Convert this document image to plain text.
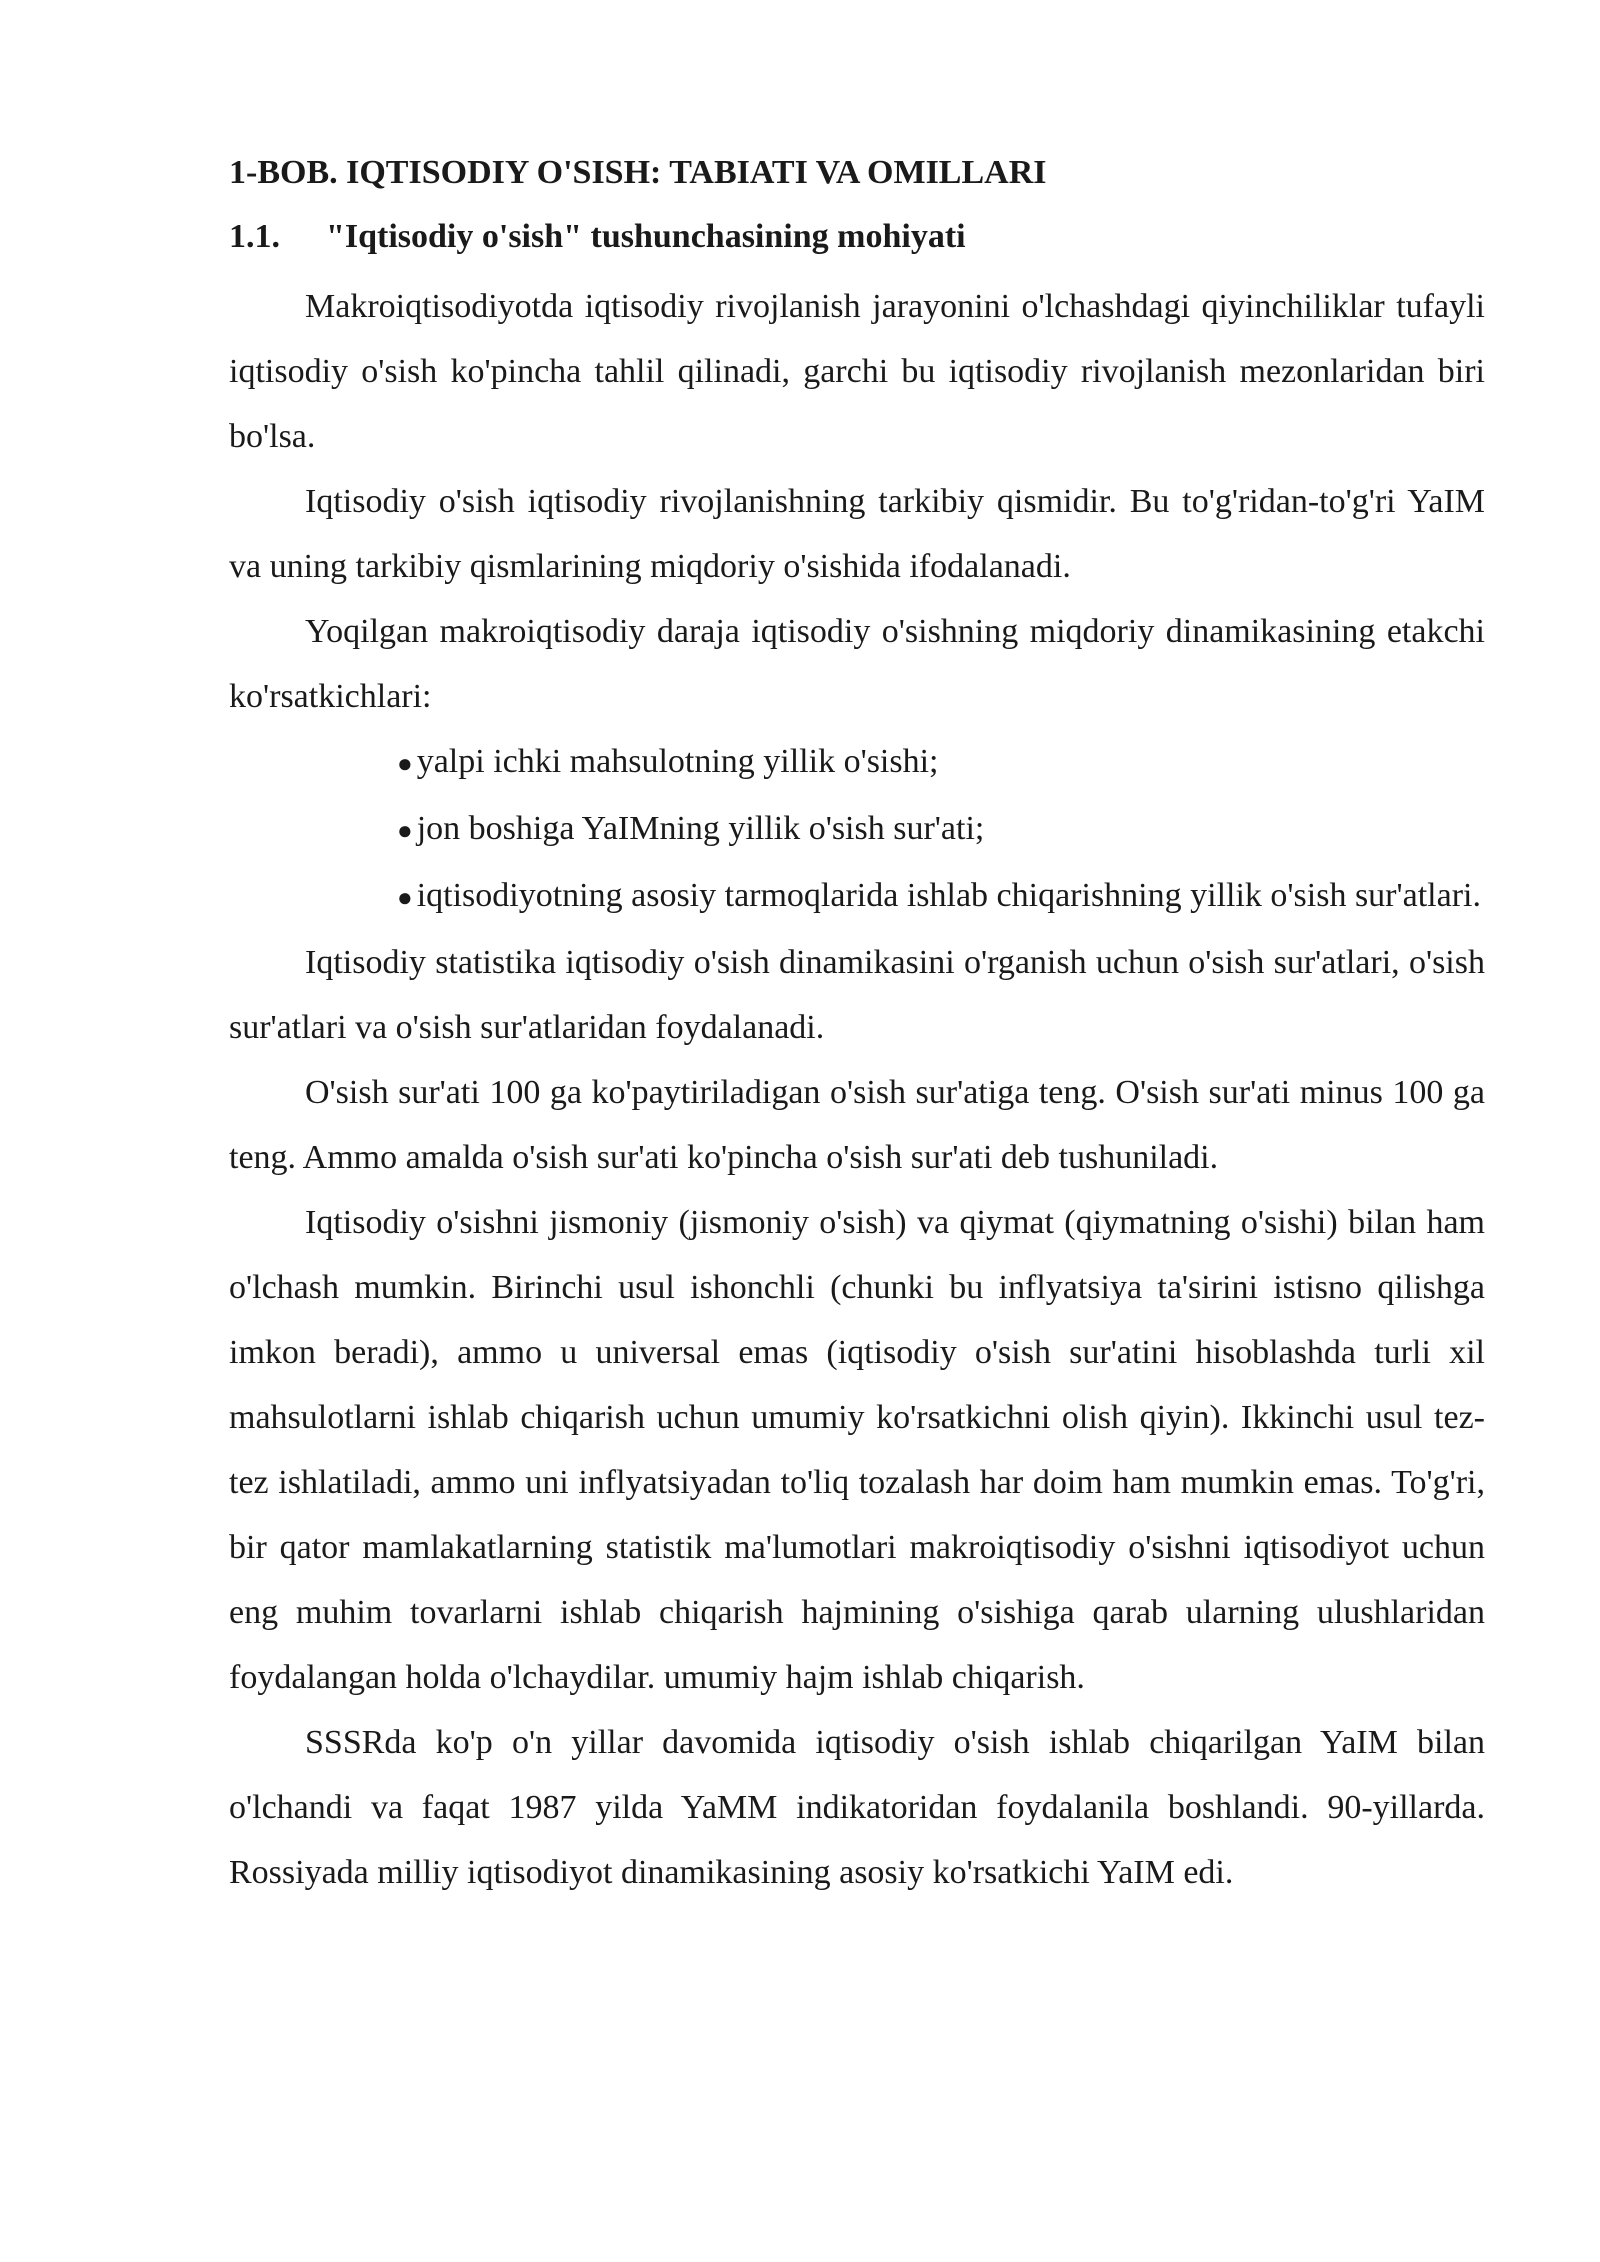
1-BOB. IQTISODIY O'SISH: TABIATI VA OMILLARI
1.1. "Iqtisodiy o'sish" tushunchasining mohiyati

Makroiqtisodiyotda iqtisodiy rivojlanish jarayonini o'lchashdagi qiyinchiliklar tufayli iqtisodiy o'sish ko'pincha tahlil qilinadi, garchi bu iqtisodiy rivojlanish mezonlaridan biri bo'lsa.

Iqtisodiy o'sish iqtisodiy rivojlanishning tarkibiy qismidir. Bu to'g'ridan-to'g'ri YaIM va uning tarkibiy qismlarining miqdoriy o'sishida ifodalanadi.

Yoqilgan makroiqtisodiy daraja iqtisodiy o'sishning miqdoriy dinamikasining etakchi ko'rsatkichlari:

● yalpi ichki mahsulotning yillik o'sishi;
● jon boshiga YaIMning yillik o'sish sur'ati;
● iqtisodiyotning asosiy tarmoqlarida ishlab chiqarishning yillik o'sish sur'atlari.

Iqtisodiy statistika iqtisodiy o'sish dinamikasini o'rganish uchun o'sish sur'atlari, o'sish sur'atlari va o'sish sur'atlaridan foydalanadi.

O'sish sur'ati 100 ga ko'paytiriladigan o'sish sur'atiga teng. O'sish sur'ati minus 100 ga teng. Ammo amalda o'sish sur'ati ko'pincha o'sish sur'ati deb tushuniladi.

Iqtisodiy o'sishni jismoniy (jismoniy o'sish) va qiymat (qiymatning o'sishi) bilan ham o'lchash mumkin. Birinchi usul ishonchli (chunki bu inflyatsiya ta'sirini istisno qilishga imkon beradi), ammo u universal emas (iqtisodiy o'sish sur'atini hisoblashda turli xil mahsulotlarni ishlab chiqarish uchun umumiy ko'rsatkichni olish qiyin). Ikkinchi usul tez-tez ishlatiladi, ammo uni inflyatsiyadan to'liq tozalash har doim ham mumkin emas. To'g'ri, bir qator mamlakatlarning statistik ma'lumotlari makroiqtisodiy o'sishni iqtisodiyot uchun eng muhim tovarlarni ishlab chiqarish hajmining o'sishiga qarab ularning ulushlaridan foydalangan holda o'lchaydilar. umumiy hajm ishlab chiqarish.

SSSRda ko'p o'n yillar davomida iqtisodiy o'sish ishlab chiqarilgan YaIM bilan o'lchandi va faqat 1987 yilda YaMM indikatoridan foydalanila boshlandi. 90-yillarda. Rossiyada milliy iqtisodiyot dinamikasining asosiy ko'rsatkichi YaIM edi.
